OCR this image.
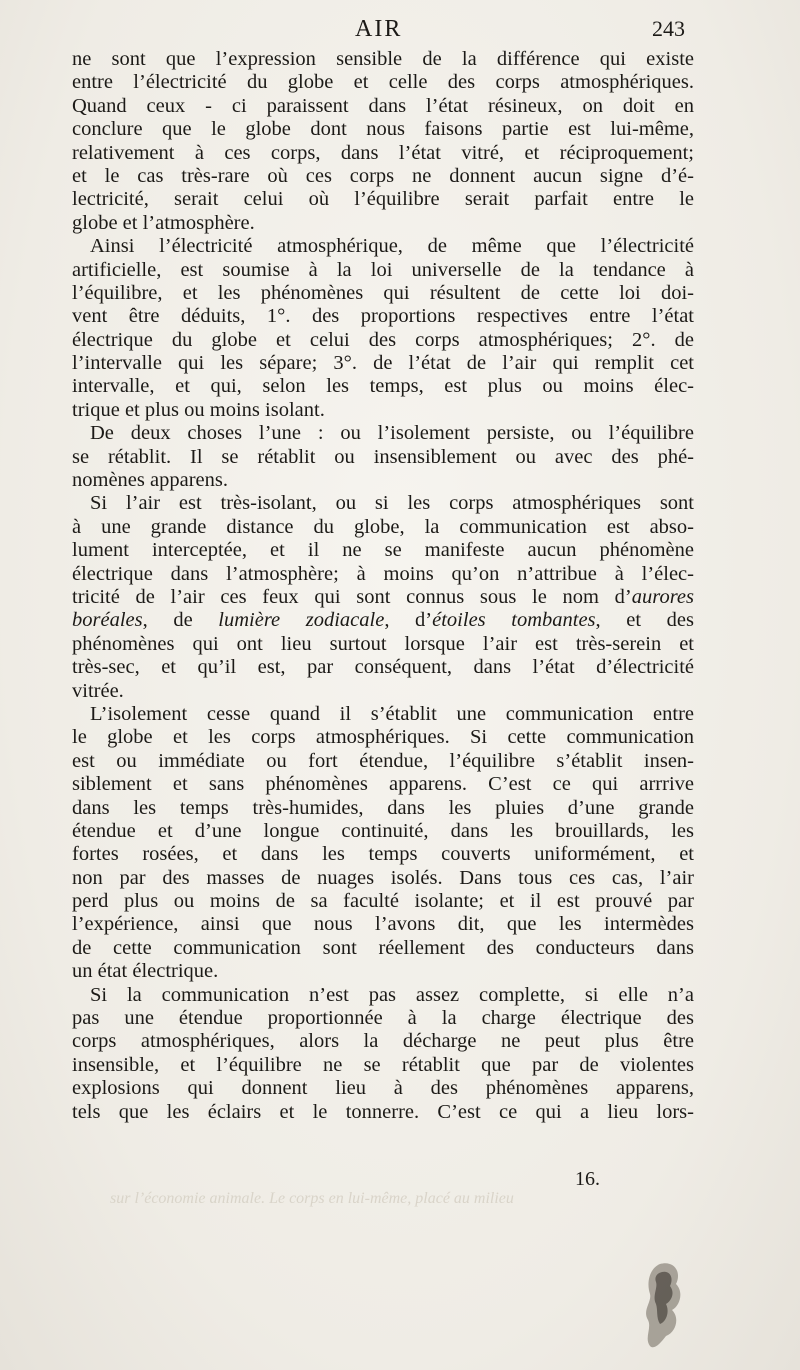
AIR	243
ne sont que l’expression sensible de la différence qui existe
entre l’électricité du globe et celle des corps atmosphériques.
Quand ceux - ci paraissent dans l’état résineux, on doit en
conclure que le globe dont nous faisons partie est lui-même,
relativement à ces corps, dans l’état vitré, et réciproquement;
et le cas très-rare où ces corps ne donnent aucun signe d’é-
lectricité, serait celui où l’équilibre serait parfait entre le
globe et l’atmosphère.
Ainsi l’électricité atmosphérique, de même que l’électricité
artificielle, est soumise à la loi universelle de la tendance à
l’équilibre, et les phénomènes qui résultent de cette loi doi-
vent être déduits, 1°. des proportions respectives entre l’état
électrique du globe et celui des corps atmosphériques; 2°. de
l’intervalle qui les sépare; 3°. de l’état de l’air qui remplit cet
intervalle, et qui, selon les temps, est plus ou moins élec-
trique et plus ou moins isolant.
De deux choses l’une : ou l’isolement persiste, ou l’équilibre
se rétablit. Il se rétablit ou insensiblement ou avec des phé-
nomènes apparens.
Si l’air est très-isolant, ou si les corps atmosphériques sont
à une grande distance du globe, la communication est abso-
lument interceptée, et il ne se manifeste aucun phénomène
électrique dans l’atmosphère; à moins qu’on n’attribue à l’élec-
tricité de l’air ces feux qui sont connus sous le nom d’aurores
boréales, de lumière zodiacale, d’étoiles tombantes, et des
phénomènes qui ont lieu surtout lorsque l’air est très-serein et
très-sec, et qu’il est, par conséquent, dans l’état d’électricité
vitrée.
L’isolement cesse quand il s’établit une communication entre
le globe et les corps atmosphériques. Si cette communication
est ou immédiate ou fort étendue, l’équilibre s’établit insen-
siblement et sans phénomènes apparens. C’est ce qui arrrive
dans les temps très-humides, dans les pluies d’une grande
étendue et d’une longue continuité, dans les brouillards, les
fortes rosées, et dans les temps couverts uniformément, et
non par des masses de nuages isolés. Dans tous ces cas, l’air
perd plus ou moins de sa faculté isolante; et il est prouvé par
l’expérience, ainsi que nous l’avons dit, que les intermèdes
de cette communication sont réellement des conducteurs dans
un état électrique.
Si la communication n’est pas assez complette, si elle n’a
pas une étendue proportionnée à la charge électrique des
corps atmosphériques, alors la décharge ne peut plus être
insensible, et l’équilibre ne se rétablit que par de violentes
explosions qui donnent lieu à des phénomènes apparens,
tels que les éclairs et le tonnerre. C’est ce qui a lieu lors-
sur l’économie animale. Le corps en lui-même, placé au milieu
16.
